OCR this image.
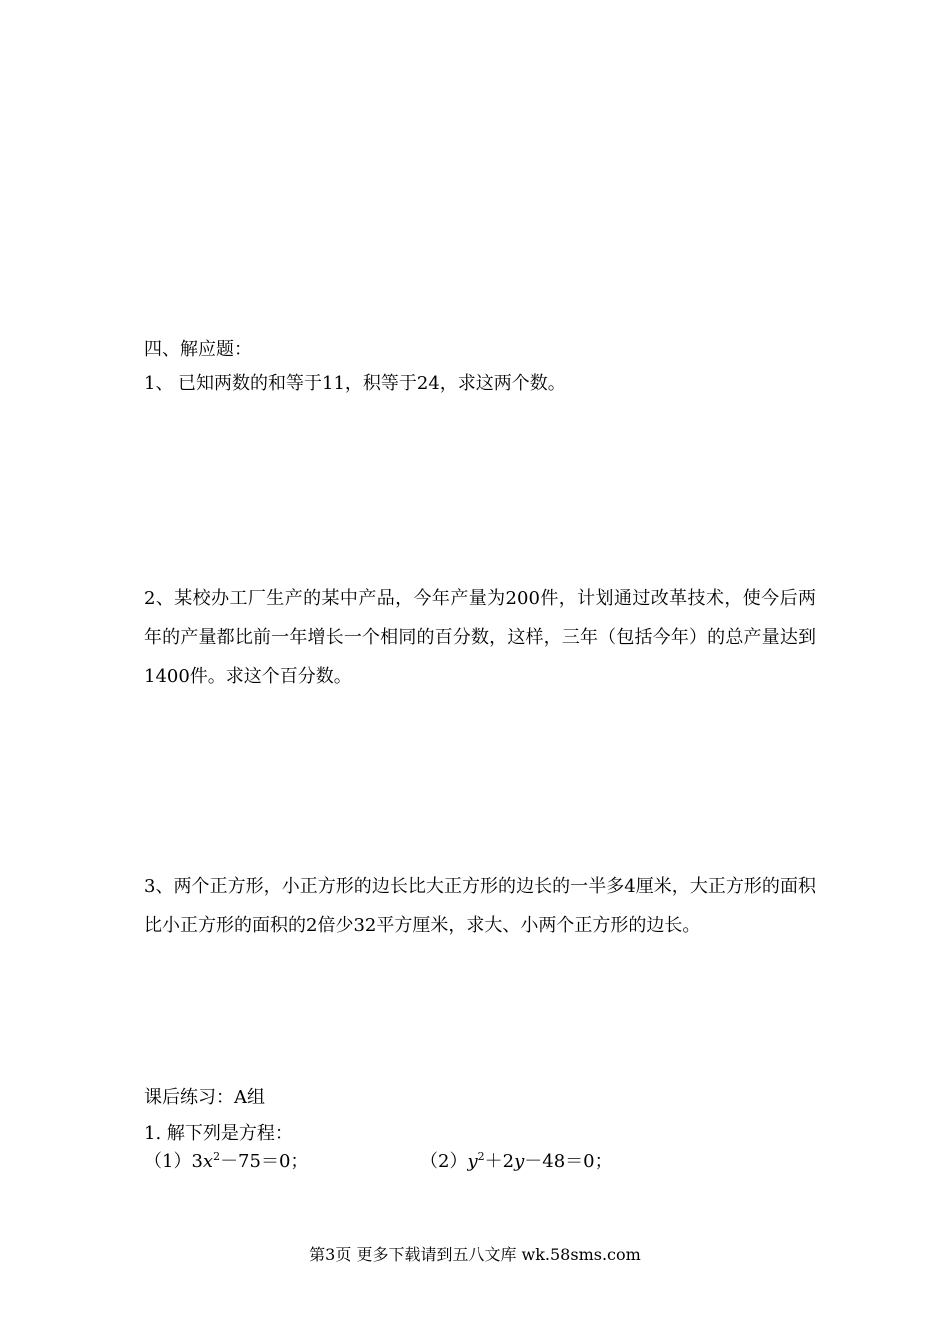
四、解应题：
1、 已知两数的和等于11，积等于24，求这两个数。
2、某校办工厂生产的某中产品，今年产量为200件，计划通过改革技术，使今后两年的产量都比前一年增长一个相同的百分数，这样，三年（包括今年）的总产量达到1400件。求这个百分数。
3、两个正方形，小正方形的边长比大正方形的边长的一半多4厘米，大正方形的面积比小正方形的面积的2倍少32平方厘米，求大、小两个正方形的边长。
课后练习：A组
1. 解下列是方程：
$(1)3x^2-75=0$；	$(2)y^2+2y-48=0$；
第3页 更多下载请到五八文库 wk.58sms.com
